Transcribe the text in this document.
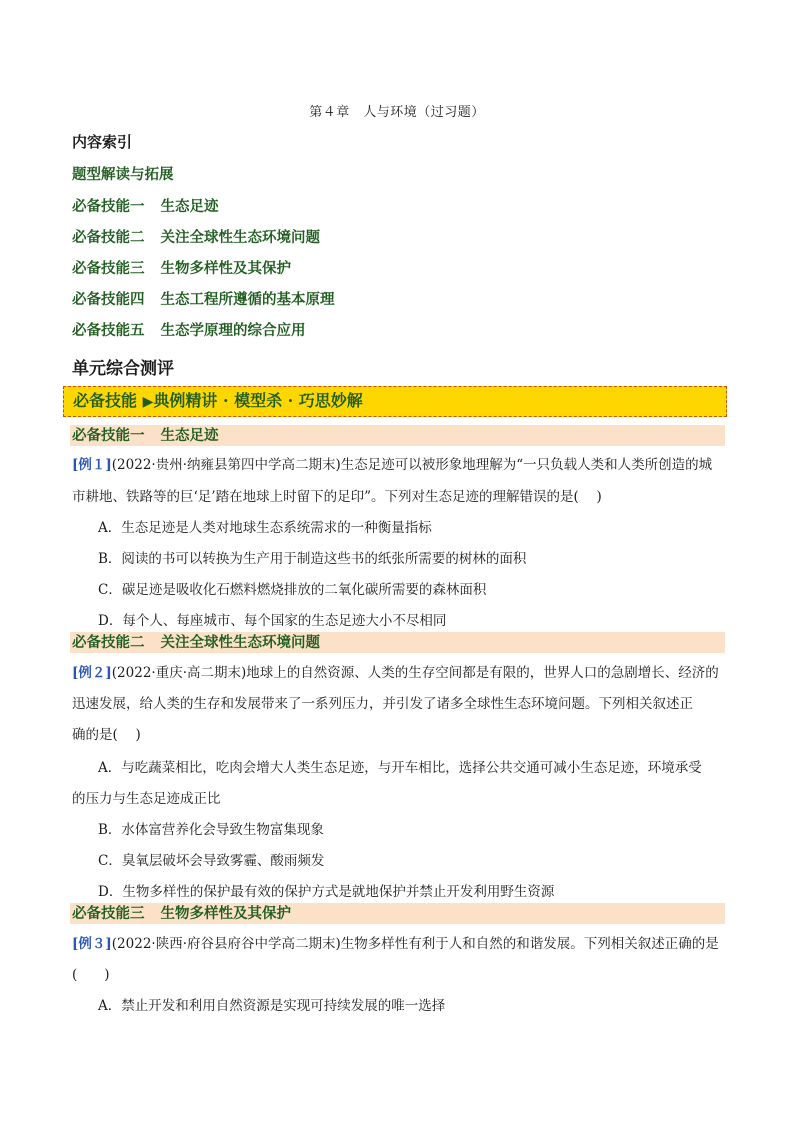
第４章　人与环境（过习题）
内容索引
题型解读与拓展
必备技能一 生态足迹
必备技能二 关注全球性生态环境问题
必备技能三 生物多样性及其保护
必备技能四 生态工程所遵循的基本原理
必备技能五 生态学原理的综合应用
单元综合测评
必备技能 ▶典例精讲 · 模型杀 · 巧思妙解
必备技能一 生态足迹
[例１](2022·贵州·纳雍县第四中学高二期末)生态足迹可以被形象地理解为“一只负载人类和人类所创造的城
市耕地、铁路等的巨‘足’踏在地球上时留下的足印”。下列对生态足迹的理解错误的是(　 )
A．生态足迹是人类对地球生态系统需求的一种衡量指标
B．阅读的书可以转换为生产用于制造这些书的纸张所需要的树林的面积
C．碳足迹是吸收化石燃料燃烧排放的二氧化碳所需要的森林面积
D．每个人、每座城市、每个国家的生态足迹大小不尽相同
必备技能二 关注全球性生态环境问题
[例２](2022·重庆·高二期末)地球上的自然资源、人类的生存空间都是有限的，世界人口的急剧增长、经济的
迅速发展，给人类的生存和发展带来了一系列压力，并引发了诸多全球性生态环境问题。下列相关叙述正
确的是(　 )
A．与吃蔬菜相比，吃肉会增大人类生态足迹，与开车相比，选择公共交通可减小生态足迹，环境承受
的压力与生态足迹成正比
B．水体富营养化会导致生物富集现象
C．臭氧层破坏会导致雾霾、酸雨频发
D．生物多样性的保护最有效的保护方式是就地保护并禁止开发利用野生资源
必备技能三 生物多样性及其保护
[例３](2022·陕西·府谷县府谷中学高二期末)生物多样性有利于人和自然的和谐发展。下列相关叙述正确的是
(　　)
A．禁止开发和利用自然资源是实现可持续发展的唯一选择
